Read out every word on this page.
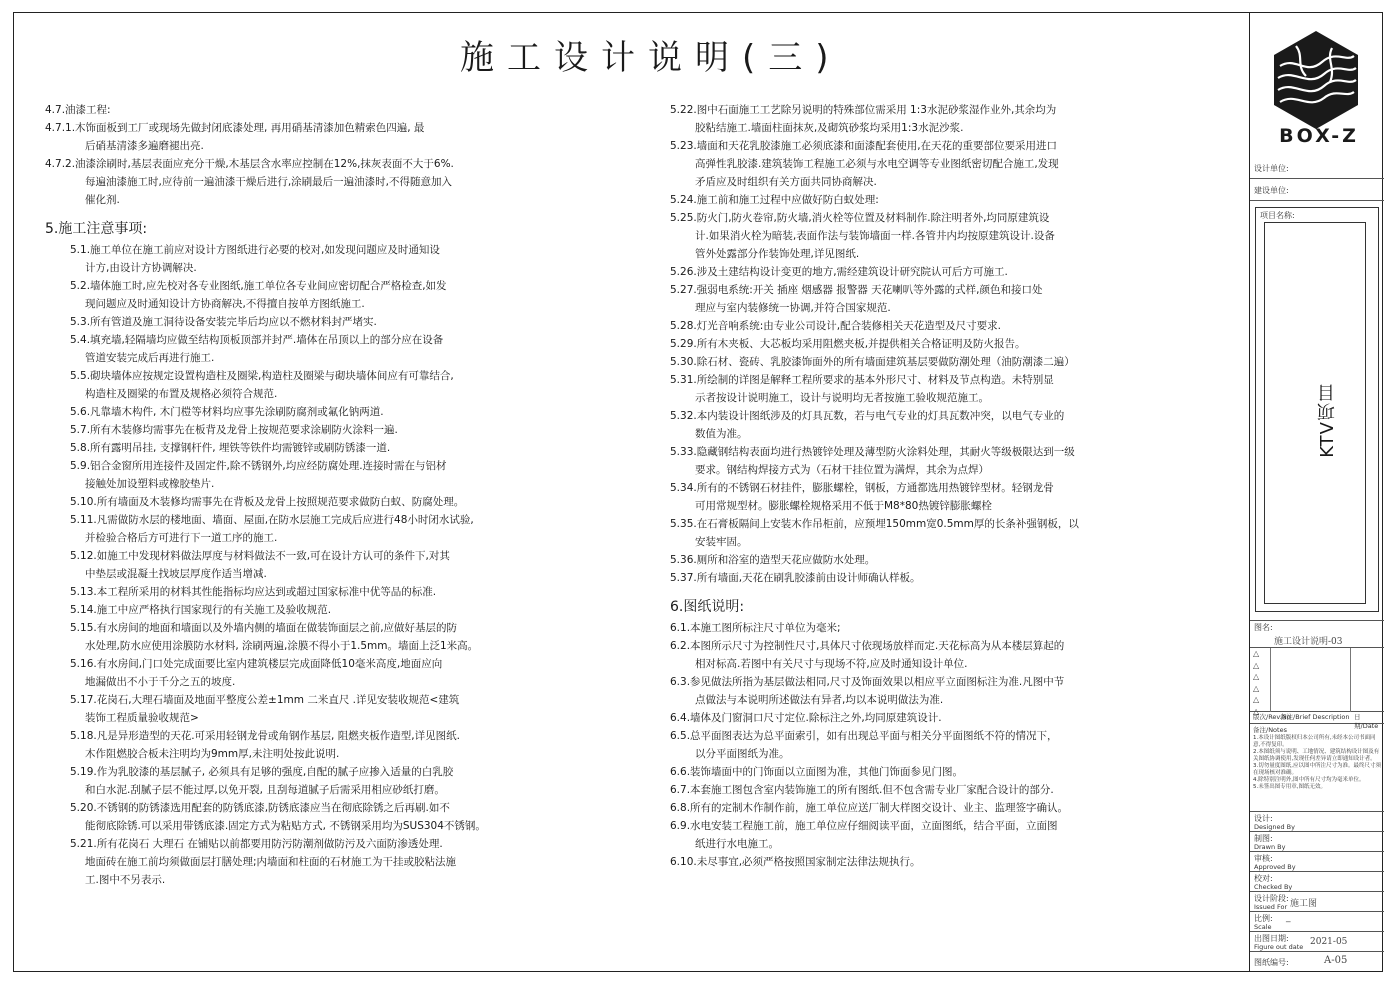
施工设计说明(三)
4.7.油漆工程:
4.7.1.木饰面板到工厂或现场先做封闭底漆处理, 再用硝基清漆加色精索色四遍, 最
后硝基清漆多遍磨褪出亮.
4.7.2.油漆涂刷时,基层表面应充分干燥,木基层含水率应控制在12%,抹灰表面不大于6%.
每遍油漆施工时,应待前一遍油漆干燥后进行,涂刷最后一遍油漆时,不得随意加入
催化剂.
5.施工注意事项:
5.1.施工单位在施工前应对设计方图纸进行必要的校对,如发现问题应及时通知设
计方,由设计方协调解决.
5.2.墙体施工时,应先校对各专业图纸,施工单位各专业间应密切配合严格检查,如发
现问题应及时通知设计方协商解决,不得擅自按单方图纸施工.
5.3.所有管道及施工洞待设备安装完毕后均应以不燃材料封严堵实.
5.4.填充墙,轻隔墙均应做至结构顶板顶部并封严.墙体在吊顶以上的部分应在设备
管道安装完成后再进行施工.
5.5.砌块墙体应按规定设置构造柱及圈梁,构造柱及圈梁与砌块墙体间应有可靠结合,
构造柱及圈梁的布置及规格必须符合规范.
5.6.凡靠墙木构件, 木门榿等材料均应事先涂刷防腐剂或氟化钠两道.
5.7.所有木装修均需事先在板背及龙骨上按规范要求涂刷防火涂料一遍.
5.8.所有露明吊挂, 支撑钢杆件, 埋铁等铁件均需镀锌或刷防锈漆一道.
5.9.铝合金窗所用连接件及固定件,除不锈钢外,均应经防腐处理.连接时需在与铝材
接触处加设塑料或橡胶垫片.
5.10.所有墙面及木装修均需事先在背板及龙骨上按照规范要求做防白蚁、防腐处理。
5.11.凡需做防水层的楼地面、墙面、屋面,在防水层施工完成后应进行48小时闭水试验,
并检验合格后方可进行下一道工序的施工.
5.12.如施工中发现材料做法厚度与材料做法不一致,可在设计方认可的条件下,对其
中垫层或混凝土找坡层厚度作适当增减.
5.13.本工程所采用的材料其性能指标均应达到或超过国家标准中优等品的标准.
5.14.施工中应严格执行国家现行的有关施工及验收规范.
5.15.有水房间的地面和墙面以及外墙内侧的墙面在做装饰面层之前,应做好基层的防
水处理,防水应使用涂膜防水材料, 涂刷两遍,涂膜不得小于1.5mm。墙面上泛1米高。
5.16.有水房间,门口处完成面要比室内建筑楼层完成面降低10毫米高度,地面应向
地漏做出不小于千分之五的坡度.
5.17.花岗石,大理石墙面及地面平整度公差±1mm 二米直尺 .详见安装收规范<建筑
装饰工程质量验收规范>
5.18.凡是异形造型的天花.可采用轻钢龙骨或角钢作基层, 阻燃夹板作造型,详见图纸.
木作阻燃胶合板未注明均为9mm厚,未注明处按此说明.
5.19.作为乳胶漆的基层腻子, 必须具有足够的强度,自配的腻子应掺入适量的白乳胶
和白水泥.刮腻子层不能过厚,以免开裂, 且刮每道腻子后需采用相应砂纸打磨。
5.20.不锈钢的防锈漆选用配套的防锈底漆,防锈底漆应当在彻底除锈之后再刷.如不
能彻底除锈.可以采用带锈底漆.固定方式为粘贴方式, 不锈钢采用均为SUS304不锈钢。
5.21.所有花岗石 大理石 在铺贴以前都要用防污防潮剂做防污及六面防渗透处理.
地面砖在施工前均须做面层打膳处理;内墙面和柱面的石材施工为干挂或胶粘法施
工.图中不另表示.
5.22.图中石面施工工艺除另说明的特殊部位需采用 1:3水泥砂浆湿作业外,其余均为
胶粘结施工.墙面柱面抹灰,及砌筑砂浆均采用1:3水泥沙浆.
5.23.墙面和天花乳胶漆施工必须底漆和面漆配套使用,在天花的重要部位要采用进口
高弹性乳胶漆.建筑装饰工程施工必须与水电空调等专业图纸密切配合施工,发现
矛盾应及时组织有关方面共同协商解决.
5.24.施工前和施工过程中应做好防白蚁处理:
5.25.防火门,防火卷帘,防火墙,消火栓等位置及材料制作.除注明者外,均同原建筑设
计.如果消火栓为暗装,表面作法与装饰墙面一样.各管井内均按原建筑设计.设备
管外处露部分作装饰处理,详见图纸.
5.26.涉及土建结构设计变更的地方,需经建筑设计研究院认可后方可施工.
5.27.强弱电系统:开关 插座 烟感器 报警器 天花喇叭等外露的式样,颜色和接口处
理应与室内装修统一协调,并符合国家规范.
5.28.灯光音响系统:由专业公司设计,配合装修相关天花造型及尺寸要求.
5.29.所有木夹板、大芯板均采用阻燃夹板,并提供相关合格证明及防火报告。
5.30.除石材、瓷砖、乳胶漆饰面外的所有墙面建筑基层要做防潮处理（油防潮漆二遍）
5.31.所绘制的详图是解释工程所要求的基本外形尺寸、材料及节点构造。未特别显
示者按设计说明施工，设计与说明均无者按施工验收规范施工。
5.32.本内装设计图纸涉及的灯具瓦数，若与电气专业的灯具瓦数冲突，以电气专业的
数值为准。
5.33.隐藏钢结构表面均进行热镀锌处理及薄型防火涂料处理，其耐火等级极限达到一级
要求。钢结构焊接方式为（石材干挂位置为满焊，其余为点焊）
5.34.所有的不锈钢石材挂件，膨胀螺栓，钢板，方通都选用热镀锌型材。轻钢龙骨
可用常规型材。膨胀螺栓规格采用不低于M8*80热镀锌膨胀螺栓
5.35.在石膏板隔间上安装木作吊柜前，应预埋150mm宽0.5mm厚的长条补强钢板，以
安装牢固。
5.36.厕所和浴室的造型天花应做防水处理。
5.37.所有墙面,天花在刷乳胶漆前由设计师确认样板。
6.图纸说明:
6.1.本施工图所标注尺寸单位为毫米;
6.2.本图所示尺寸为控制性尺寸,具体尺寸依现场放样而定.天花标高为从本楼层算起的
相对标高.若图中有关尺寸与现场不符,应及时通知设计单位.
6.3.参见做法所指为基层做法相同,尺寸及饰面效果以相应平立面图标注为准.凡图中节
点做法与本说明所述做法有异者,均以本说明做法为准.
6.4.墙体及门窗洞口尺寸定位.除标注之外,均同原建筑设计.
6.5.总平面图表达为总平面索引，如有出现总平面与相关分平面图纸不符的情况下，
以分平面图纸为准。
6.6.装饰墙面中的门饰面以立面图为准，其他门饰面参见门图。
6.7.本套施工图包含室内装饰施工的所有图纸.但不包含需专业厂家配合设计的部分.
6.8.所有的定制木作制作前，施工单位应送厂制大样图交设计、业主、监理签字确认。
6.9.水电安装工程施工前，施工单位应仔细阅读平面，立面图纸，结合平面，立面图
纸进行水电施工。
6.10.未尽事宜,必须严格按照国家制定法律法规执行。
BOX-Z
设计单位:
建设单位:
项目名称:
KTV项目
图名:
施工设计说明-03
△
△
△
△
△
△
版次/Rev.No
备注/Brief Description 日期/Date
备注/Notes
1.本设计图纸版权归本公司所有,未经本公司书面同意,不得复印。
2.本图纸须与说明、工地情况、建筑结构设计图及有关图纸协调使用,发现任何差异请立即通知设计者。
3.切勿量度图纸,应以图中所注尺寸为准。最终尺寸须在现场核对准确。
4.除特别注明外,图中所有尺寸均为毫米单位。
5.未签出图专用章,图纸无效。
设计:
Designed By
制图:
Drawn By
审核:
Approved By
校对:
Checked By
设计阶段:
Issued For 施工图
比例:
Scale
_
出图日期:
Figure out date 2021-05
图纸编号:	A-05
